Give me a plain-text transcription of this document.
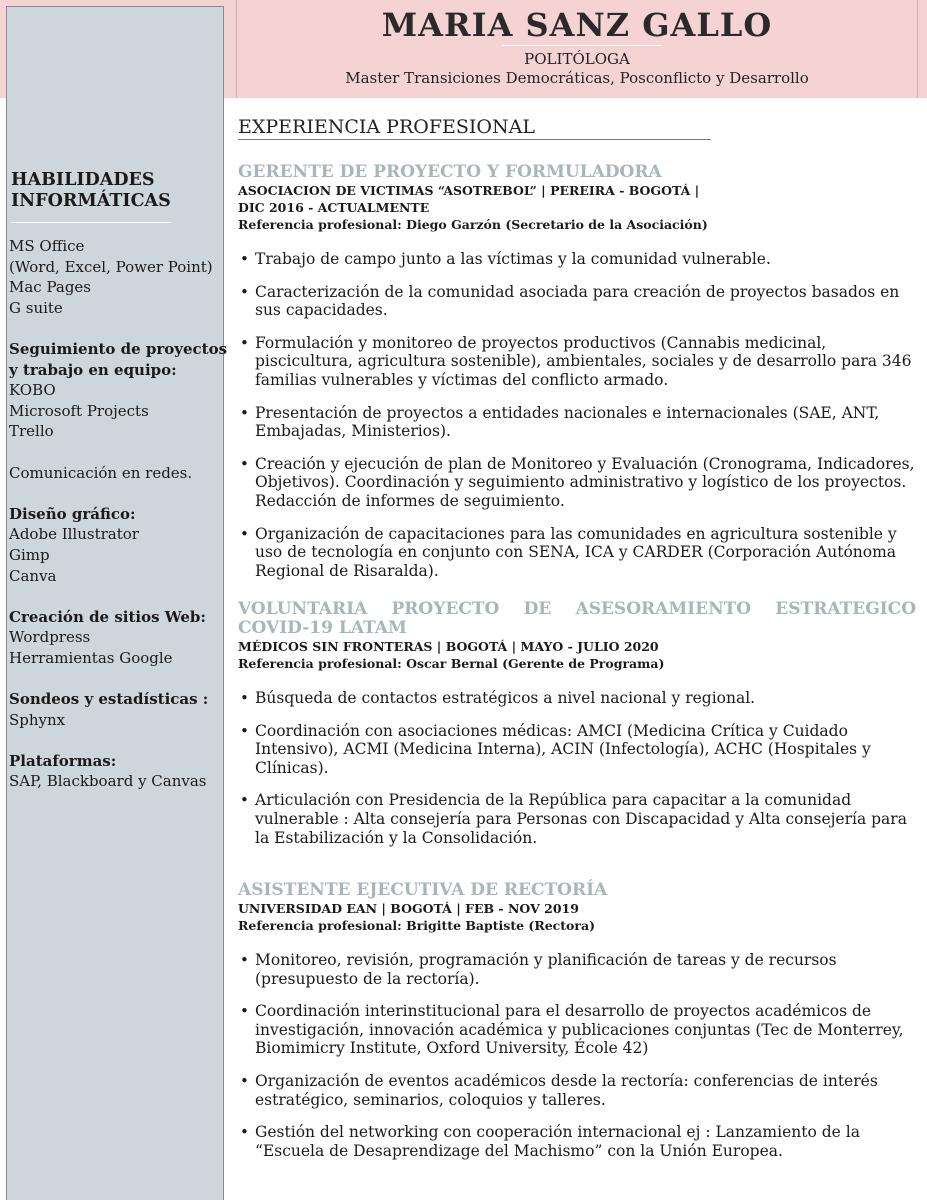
MARIA SANZ GALLO
POLITÓLOGA
Master Transiciones Democráticas, Posconflicto y Desarrollo
HABILIDADES
INFORMÁTICAS
MS Office
(Word, Excel, Power Point)
Mac Pages
G suite
Seguimiento de proyectos
y trabajo en equipo:
KOBO
Microsoft Projects
Trello
Comunicación en redes.
Diseño gráfico:
Adobe Illustrator
Gimp
Canva
Creación de sitios Web:
Wordpress
Herramientas Google
Sondeos y estadísticas :
Sphynx
Plataformas:
SAP, Blackboard y Canvas
EXPERIENCIA PROFESIONAL
GERENTE DE PROYECTO Y FORMULADORA
ASOCIACION DE VICTIMAS “ASOTREBOL” | PEREIRA - BOGOTÁ |
DIC 2016 - ACTUALMENTE
Referencia profesional: Diego Garzón (Secretario de la Asociación)
• Trabajo de campo junto a las víctimas y la comunidad vulnerable.
• Caracterización de la comunidad asociada para creación de proyectos basados en sus capacidades.
• Formulación y monitoreo de proyectos productivos (Cannabis medicinal, piscicultura, agricultura sostenible), ambientales, sociales y de desarrollo para 346 familias vulnerables y víctimas del conflicto armado.
• Presentación de proyectos a entidades nacionales e internacionales (SAE, ANT, Embajadas, Ministerios).
• Creación y ejecución de plan de Monitoreo y Evaluación (Cronograma, Indicadores, Objetivos). Coordinación y seguimiento administrativo y logístico de los proyectos. Redacción de informes de seguimiento.
• Organización de capacitaciones para las comunidades en agricultura sostenible y uso de tecnología en conjunto con SENA, ICA y CARDER (Corporación Autónoma Regional de Risaralda).
VOLUNTARIA PROYECTO DE ASESORAMIENTO ESTRATEGICO COVID-19 LATAM
MÉDICOS SIN FRONTERAS | BOGOTÁ | MAYO - JULIO 2020
Referencia profesional: Oscar Bernal (Gerente de Programa)
• Búsqueda de contactos estratégicos a nivel nacional y regional.
• Coordinación con asociaciones médicas: AMCI (Medicina Crítica y Cuidado Intensivo), ACMI (Medicina Interna), ACIN (Infectología), ACHC (Hospitales y Clínicas).
• Articulación con Presidencia de la República para capacitar a la comunidad vulnerable : Alta consejería para Personas con Discapacidad y Alta consejería para la Estabilización y la Consolidación.
ASISTENTE EJECUTIVA DE RECTORÍA
UNIVERSIDAD EAN | BOGOTÁ | FEB - NOV 2019
Referencia profesional: Brigitte Baptiste (Rectora)
• Monitoreo, revisión, programación y planificación de tareas y de recursos (presupuesto de la rectoría).
• Coordinación interinstitucional para el desarrollo de proyectos académicos de investigación, innovación académica y publicaciones conjuntas (Tec de Monterrey, Biomimicry Institute, Oxford University, École 42)
• Organización de eventos académicos desde la rectoría: conferencias de interés estratégico, seminarios, coloquios y talleres.
• Gestión del networking con cooperación internacional ej : Lanzamiento de la “Escuela de Desaprendizage del Machismo” con la Unión Europea.
